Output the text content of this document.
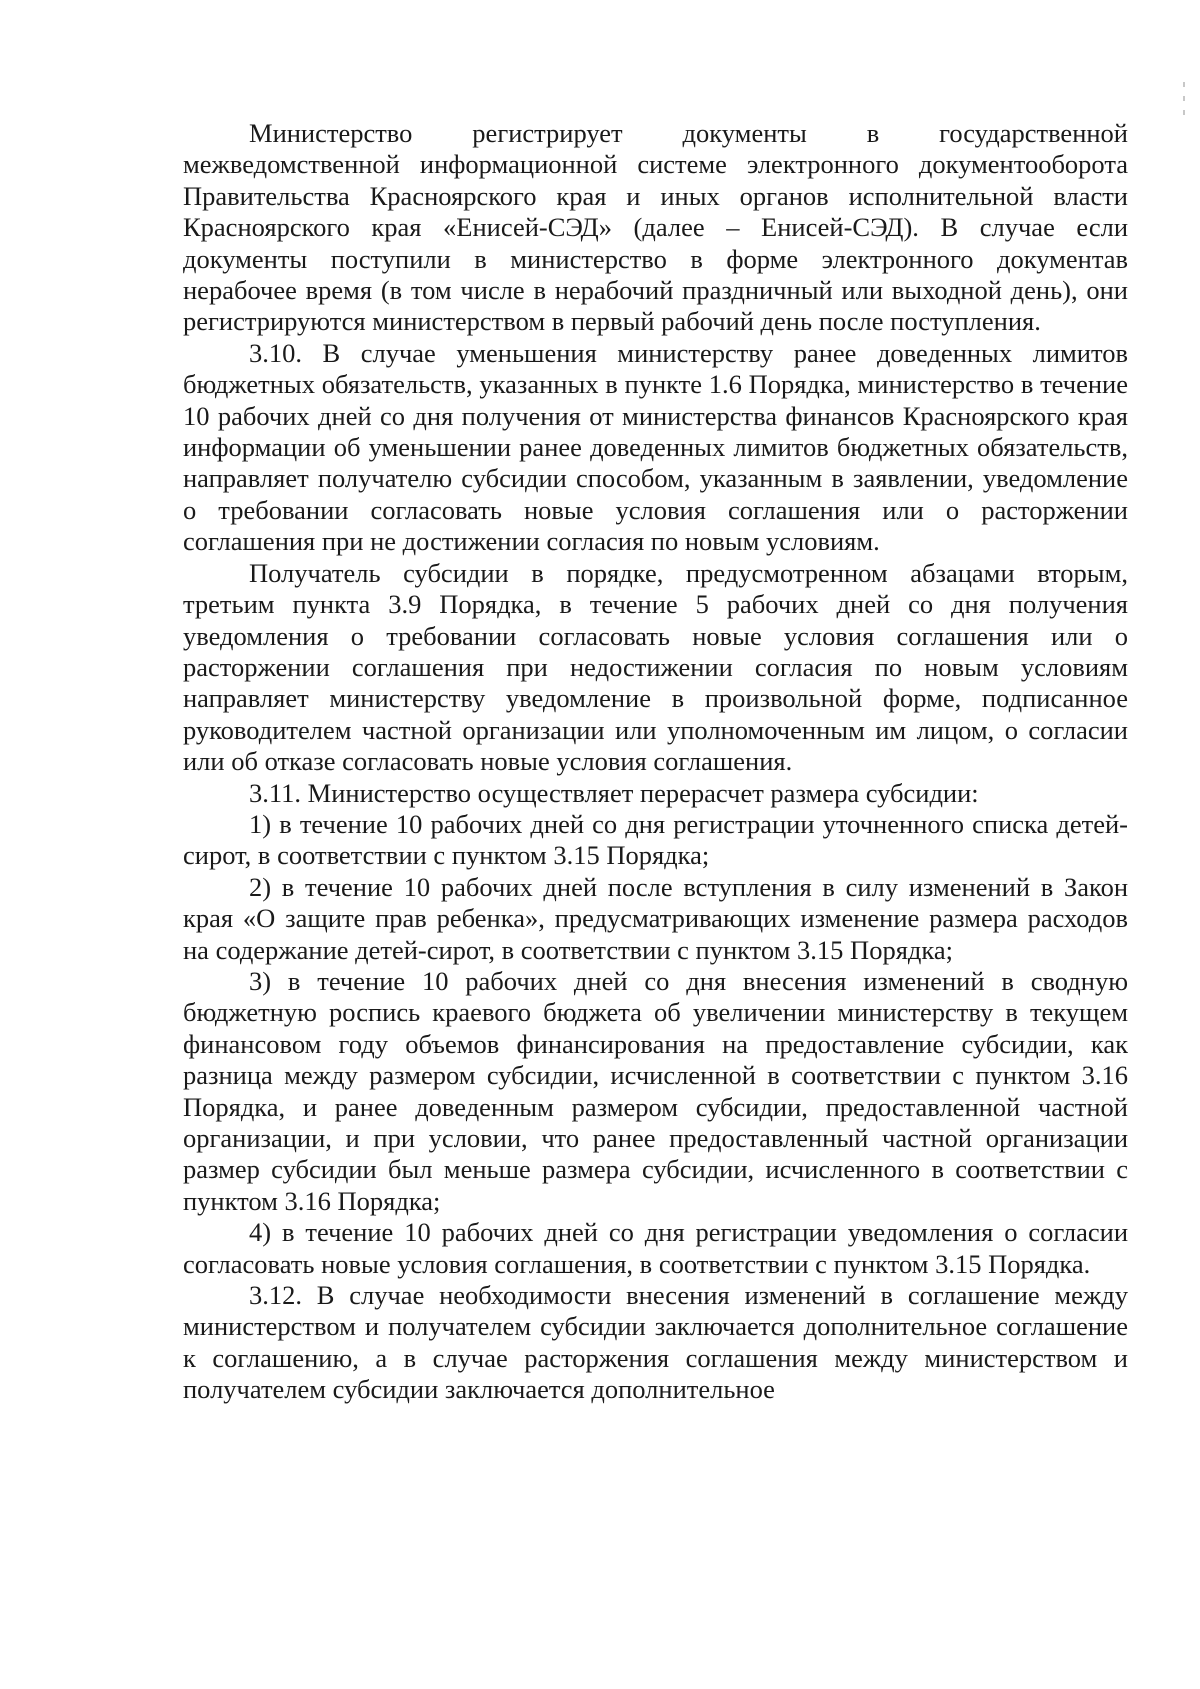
Министерство регистрирует документы в государственной межведомственной информационной системе электронного документооборота Правительства Красноярского края и иных органов исполнительной власти Красноярского края «Енисей-СЭД» (далее – Енисей-СЭД). В случае если документы поступили в министерство в форме электронного документав нерабочее время (в том числе в нерабочий праздничный или выходной день), они регистрируются министерством в первый рабочий день после поступления.

3.10. В случае уменьшения министерству ранее доведенных лимитов бюджетных обязательств, указанных в пункте 1.6 Порядка, министерство в течение 10 рабочих дней со дня получения от министерства финансов Красноярского края информации об уменьшении ранее доведенных лимитов бюджетных обязательств, направляет получателю субсидии способом, указанным в заявлении, уведомление о требовании согласовать новые условия соглашения или о расторжении соглашения при не достижении согласия по новым условиям.

Получатель субсидии в порядке, предусмотренном абзацами вторым, третьим пункта 3.9 Порядка, в течение 5 рабочих дней со дня получения уведомления о требовании согласовать новые условия соглашения или о расторжении соглашения при недостижении согласия по новым условиям направляет министерству уведомление в произвольной форме, подписанное руководителем частной организации или уполномоченным им лицом, о согласии или об отказе согласовать новые условия соглашения.

3.11. Министерство осуществляет перерасчет размера субсидии:

1) в течение 10 рабочих дней со дня регистрации уточненного списка детей-сирот, в соответствии с пунктом 3.15 Порядка;

2) в течение 10 рабочих дней после вступления в силу изменений в Закон края «О защите прав ребенка», предусматривающих изменение размера расходов на содержание детей-сирот, в соответствии с пунктом 3.15 Порядка;

3) в течение 10 рабочих дней со дня внесения изменений в сводную бюджетную роспись краевого бюджета об увеличении министерству в текущем финансовом году объемов финансирования на предоставление субсидии, как разница между размером субсидии, исчисленной в соответствии с пунктом 3.16 Порядка, и ранее доведенным размером субсидии, предоставленной частной организации, и при условии, что ранее предоставленный частной организации размер субсидии был меньше размера субсидии, исчисленного в соответствии с пунктом 3.16 Порядка;

4) в течение 10 рабочих дней со дня регистрации уведомления о согласии согласовать новые условия соглашения, в соответствии с пунктом 3.15 Порядка.

3.12. В случае необходимости внесения изменений в соглашение между министерством и получателем субсидии заключается дополнительное соглашение к соглашению, а в случае расторжения соглашения между министерством и получателем субсидии заключается дополнительное
